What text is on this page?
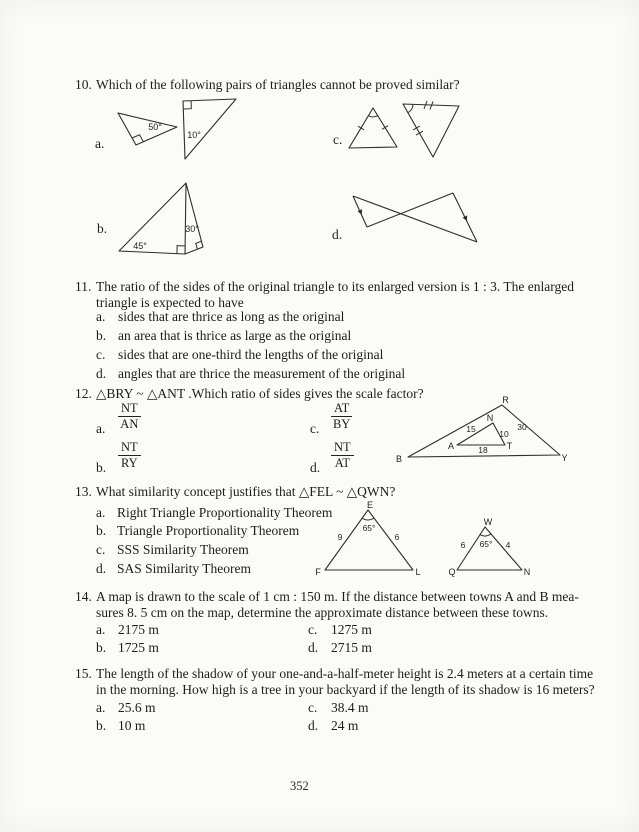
10. Which of the following pairs of triangles cannot be proved similar?
a.
b.
c.
d.
50°
10°
45°
30°
11. The ratio of the sides of the original triangle to its enlarged version is 1 : 3. The enlarged
triangle is expected to have
a. sides that are thrice as long as the original
b. an area that is thrice as large as the original
c. sides that are one-third the lengths of the original
d. angles that are thrice the measurement of the original
12. △BRY ~ △ANT .Which ratio of sides gives the scale factor?
a. $\frac{NT}{AN}$
b. $\frac{NT}{RY}$
c. $\frac{AT}{BY}$
d. $\frac{NT}{AT}$
R
N
B	Y
A	T
15	10
30
18
13. What similarity concept justifies that △FEL ~ △QWN?
a. Right Triangle Proportionality Theorem
b. Triangle Proportionality Theorem
c. SSS Similarity Theorem
d. SAS Similarity Theorem
E
F	L
65°
9	6
W
Q	N
65°
6	4
14. A map is drawn to the scale of 1 cm : 150 m. If the distance between towns A and B mea-
sures 8. 5 cm on the map, determine the approximate distance between these towns.
a. 2175 m
b. 1725 m
c. 1275 m
d. 2715 m
15. The length of the shadow of your one-and-a-half-meter height is 2.4 meters at a certain time
in the morning. How high is a tree in your backyard if the length of its shadow is 16 meters?
a. 25.6 m
b. 10 m
c. 38.4 m
d. 24 m
352
